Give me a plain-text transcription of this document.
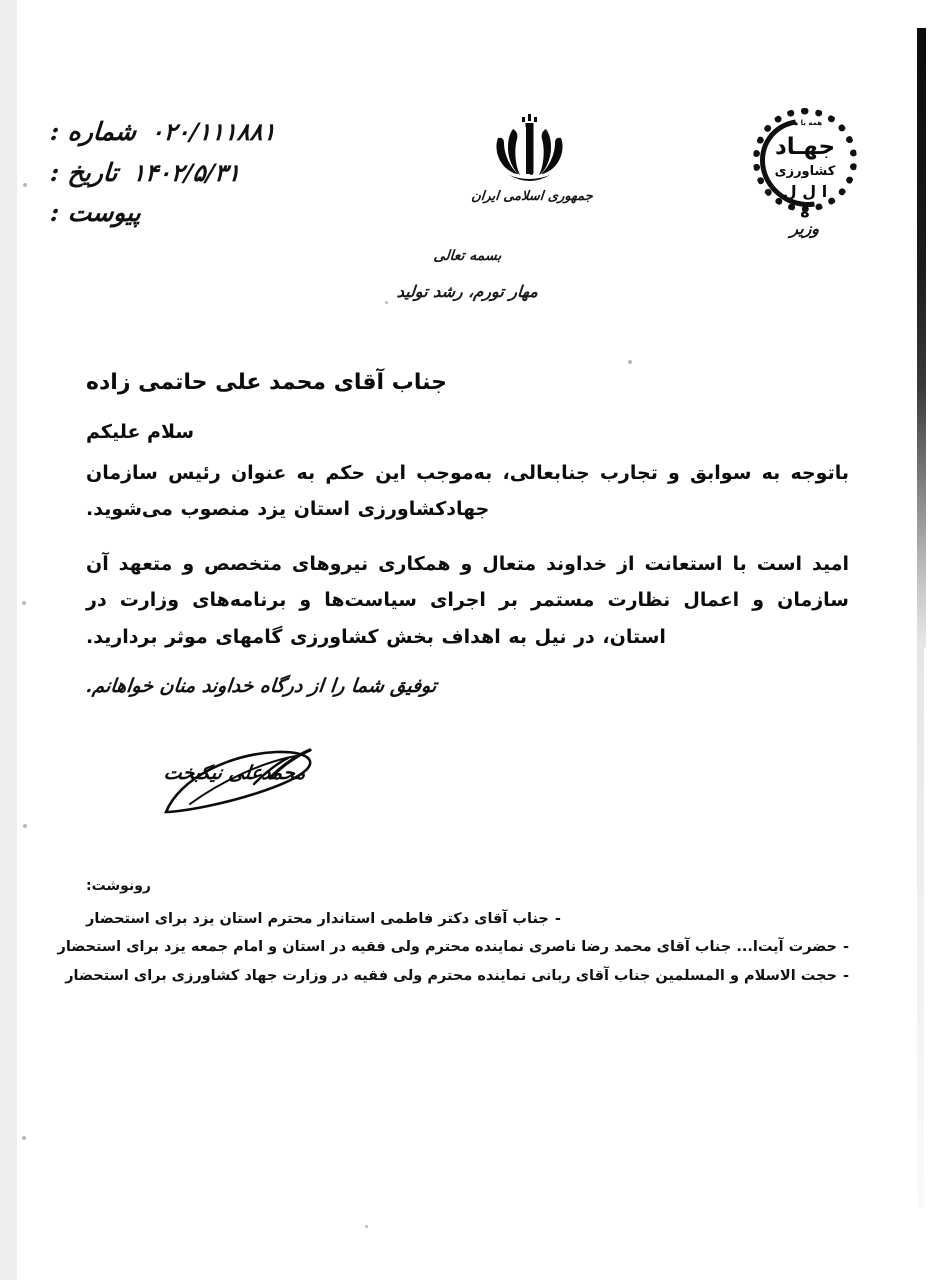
۰۲۰/۱۱۱۸۸۱ شماره :
۱۴۰۲/۵/۳۱ تاریخ :
پیوست :
جمهوری اسلامی ایران
همه با هم
جهـاد
کشاورزی
ا ل ل ه
وزیر
بسمه تعالی
مهار تورم، رشد تولید
جناب آقای محمد علی حاتمی زاده
سلام علیکم
باتوجه به سوابق و تجارب جنابعالی، به‌موجب این حکم به عنوان رئیس سازمان جهادکشاورزی استان یزد منصوب می‌شوید.
امید است با استعانت از خداوند متعال و همکاری نیروهای متخصص و متعهد آن سازمان و اعمال نظارت مستمر بر اجرای سیاست‌ها و برنامه‌های وزارت در استان، در نیل به اهداف بخش کشاورزی گامهای موثر بردارید.
توفیق شما را از درگاه خداوند منان خواهانم.
محمدعلی نیکبخت
رونوشت:
-جناب آقای دکتر فاطمی استاندار محترم استان یزد برای استحضار
-حضرت آیت‌ا... جناب آقای محمد رضا ناصری نماینده محترم ولی فقیه در استان و امام جمعه یزد برای استحضار
-حجت الاسلام و المسلمین جناب آقای ربانی نماینده محترم ولی فقیه در وزارت جهاد کشاورزی برای استحضار
